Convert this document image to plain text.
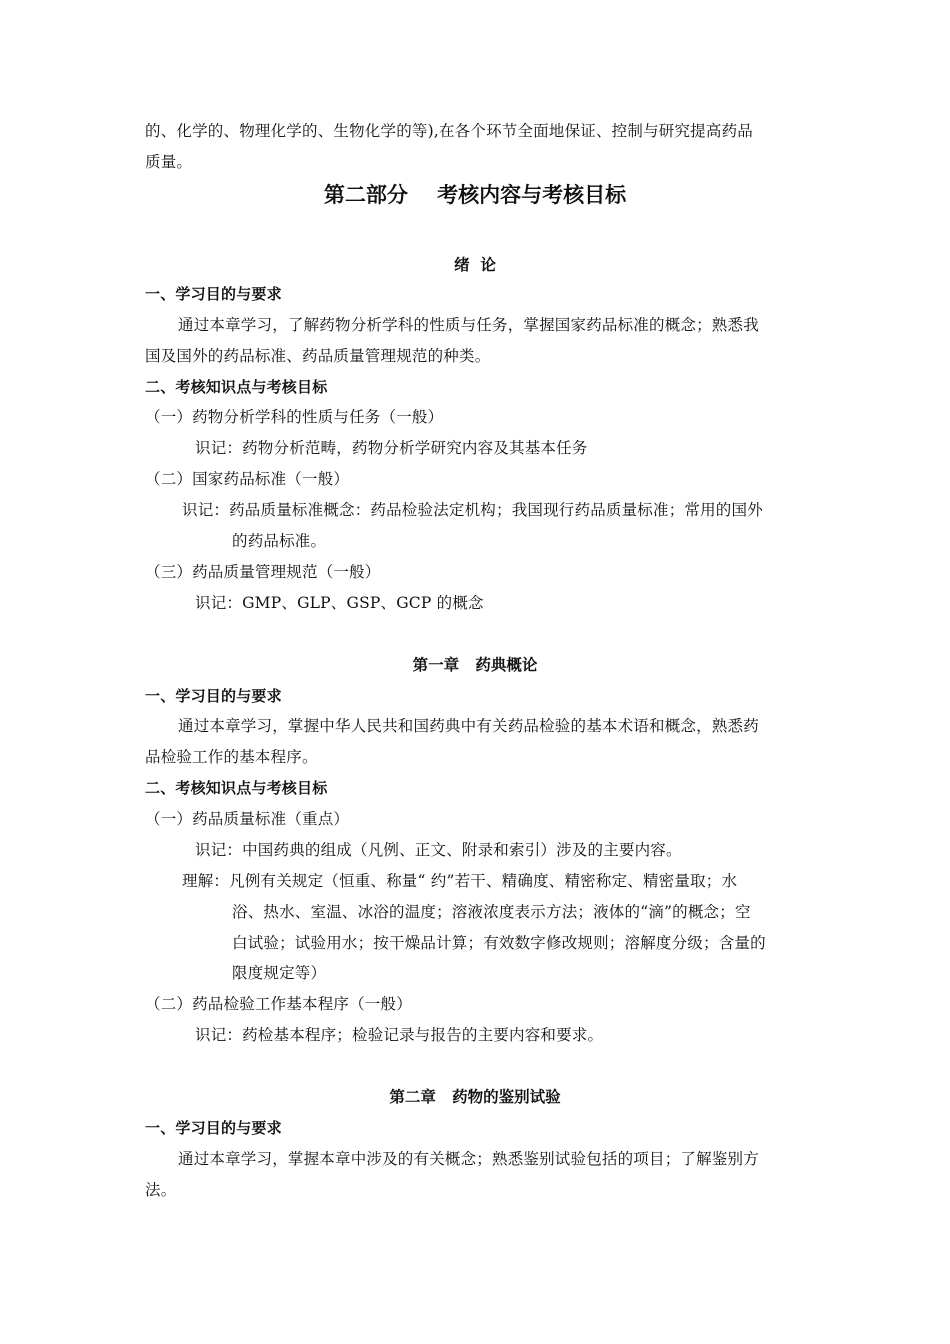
的、化学的、物理化学的、生物化学的等),在各个环节全面地保证、控制与研究提高药品
质量。
第二部分    考核内容与考核目标
绪  论
一、学习目的与要求
通过本章学习，了解药物分析学科的性质与任务，掌握国家药品标准的概念；熟悉我
国及国外的药品标准、药品质量管理规范的种类。
二、考核知识点与考核目标
（一）药物分析学科的性质与任务（一般）
识记：药物分析范畴，药物分析学研究内容及其基本任务
（二）国家药品标准（一般）
识记：药品质量标准概念：药品检验法定机构；我国现行药品质量标准；常用的国外
的药品标准。
（三）药品质量管理规范（一般）
识记：GMP、GLP、GSP、GCP 的概念
第一章   药典概论
一、学习目的与要求
通过本章学习，掌握中华人民共和国药典中有关药品检验的基本术语和概念，熟悉药
品检验工作的基本程序。
二、考核知识点与考核目标
（一）药品质量标准（重点）
识记：中国药典的组成（凡例、正文、附录和索引）涉及的主要内容。
理解：凡例有关规定（恒重、称量“ 约”若干、精确度、精密称定、精密量取；水
浴、热水、室温、冰浴的温度；溶液浓度表示方法；液体的“滴”的概念；空
白试验；试验用水；按干燥品计算；有效数字修改规则；溶解度分级；含量的
限度规定等）
（二）药品检验工作基本程序（一般）
识记：药检基本程序；检验记录与报告的主要内容和要求。
第二章   药物的鉴别试验
一、学习目的与要求
通过本章学习，掌握本章中涉及的有关概念；熟悉鉴别试验包括的项目；了解鉴别方
法。
